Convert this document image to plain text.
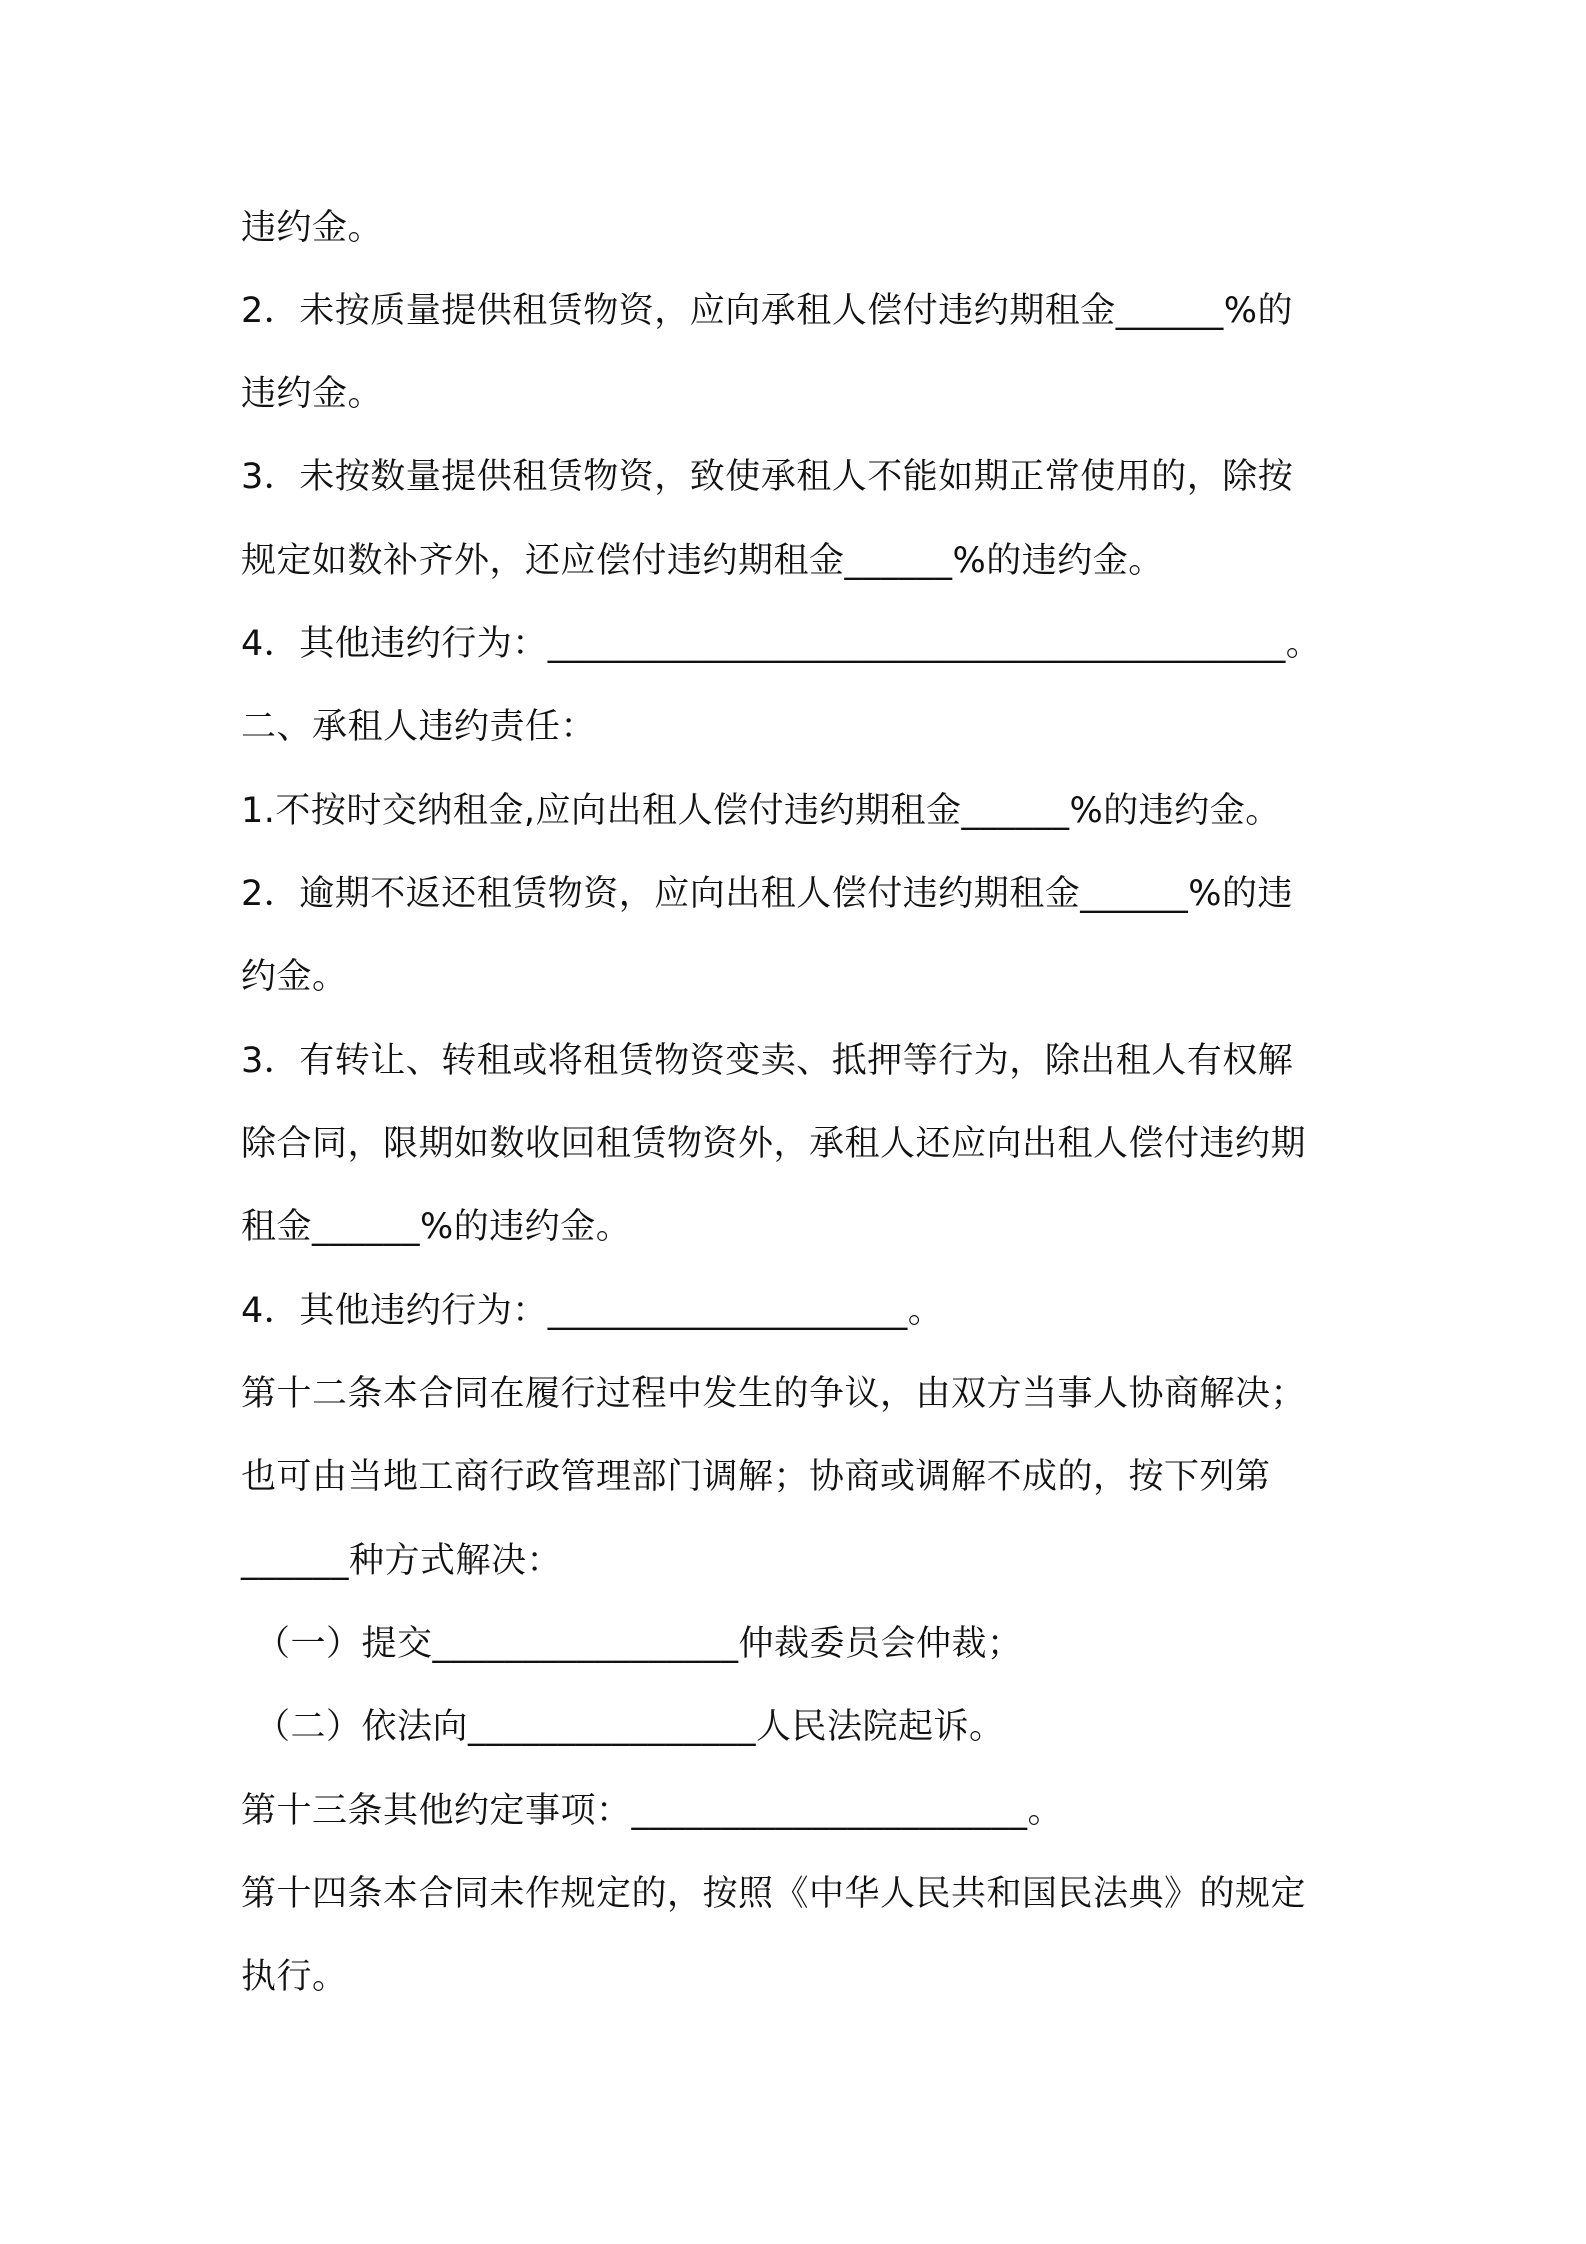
违约金。
2．未按质量提供租赁物资，应向承租人偿付违约期租金______%的
违约金。
3．未按数量提供租赁物资，致使承租人不能如期正常使用的，除按
规定如数补齐外，还应偿付违约期租金______%的违约金。
4．其他违约行为：_________________________________________。
二、承租人违约责任：
1.不按时交纳租金,应向出租人偿付违约期租金______%的违约金。
2．逾期不返还租赁物资，应向出租人偿付违约期租金______%的违
约金。
3．有转让、转租或将租赁物资变卖、抵押等行为，除出租人有权解
除合同，限期如数收回租赁物资外，承租人还应向出租人偿付违约期
租金______%的违约金。
4．其他违约行为：____________________。
第十二条本合同在履行过程中发生的争议，由双方当事人协商解决；
也可由当地工商行政管理部门调解；协商或调解不成的，按下列第
______种方式解决：
（一）提交_________________仲裁委员会仲裁；
（二）依法向________________人民法院起诉。
第十三条其他约定事项：______________________。
第十四条本合同未作规定的，按照《中华人民共和国民法典》的规定
执行。
